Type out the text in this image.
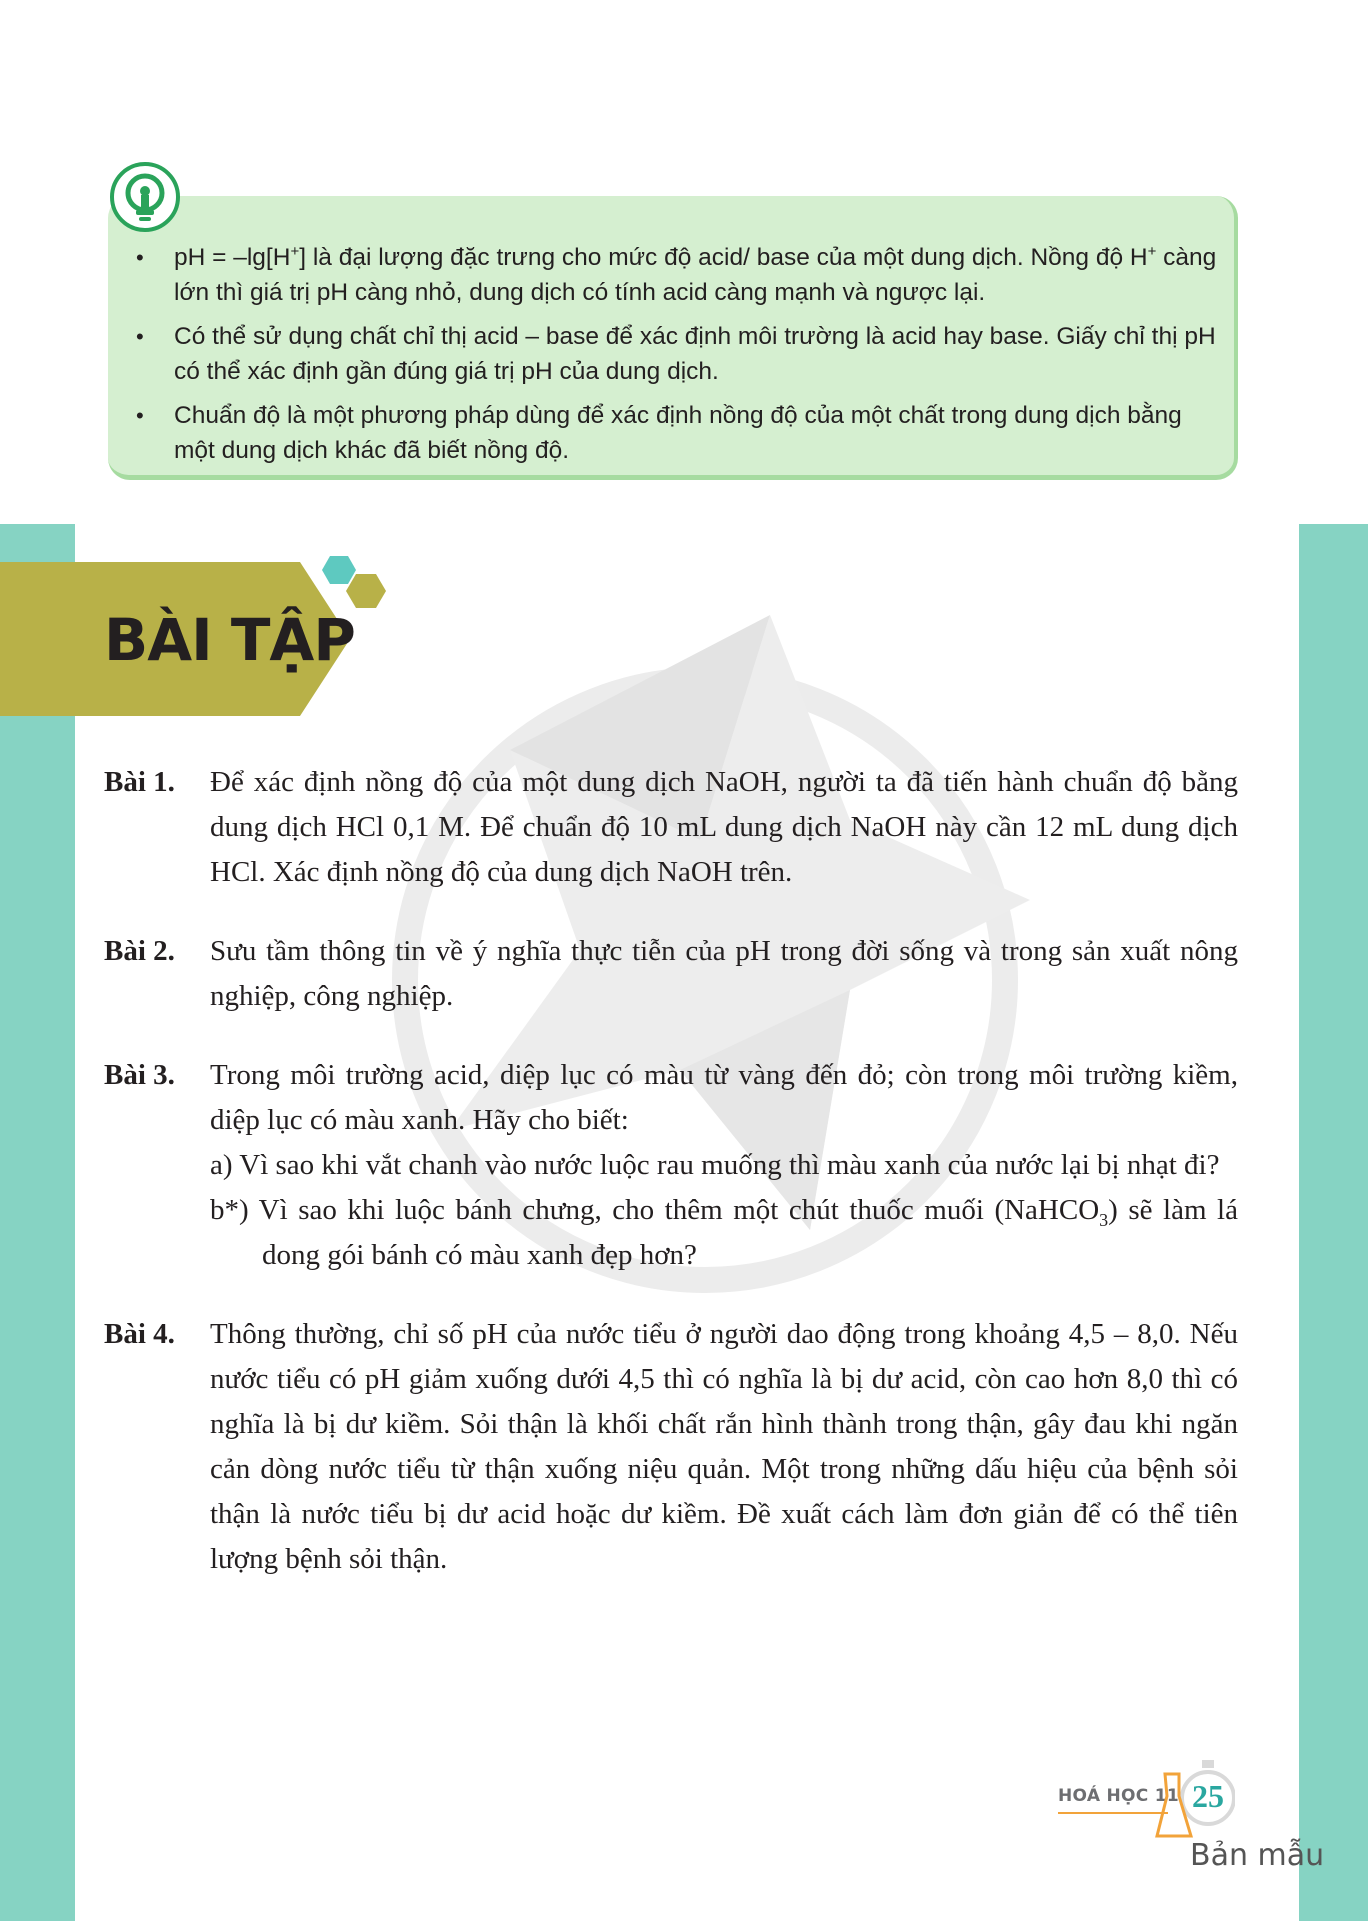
• pH = –lg[H+] là đại lượng đặc trưng cho mức độ acid/ base của một dung dịch. Nồng độ H+ càng lớn thì giá trị pH càng nhỏ, dung dịch có tính acid càng mạnh và ngược lại.
• Có thể sử dụng chất chỉ thị acid – base để xác định môi trường là acid hay base. Giấy chỉ thị pH có thể xác định gần đúng giá trị pH của dung dịch.
• Chuẩn độ là một phương pháp dùng để xác định nồng độ của một chất trong dung dịch bằng một dung dịch khác đã biết nồng độ.
BÀI TẬP
Bài 1. Để xác định nồng độ của một dung dịch NaOH, người ta đã tiến hành chuẩn độ bằng dung dịch HCl 0,1 M. Để chuẩn độ 10 mL dung dịch NaOH này cần 12 mL dung dịch HCl. Xác định nồng độ của dung dịch NaOH trên.

Bài 2. Sưu tầm thông tin về ý nghĩa thực tiễn của pH trong đời sống và trong sản xuất nông nghiệp, công nghiệp.

Bài 3. Trong môi trường acid, diệp lục có màu từ vàng đến đỏ; còn trong môi trường kiềm, diệp lục có màu xanh. Hãy cho biết:

a) Vì sao khi vắt chanh vào nước luộc rau muống thì màu xanh của nước lại bị nhạt đi?

b*) Vì sao khi luộc bánh chưng, cho thêm một chút thuốc muối (NaHCO$_3$) sẽ làm lá dong gói bánh có màu xanh đẹp hơn?

Bài 4. Thông thường, chỉ số pH của nước tiểu ở người dao động trong khoảng 4,5 – 8,0. Nếu nước tiểu có pH giảm xuống dưới 4,5 thì có nghĩa là bị dư acid, còn cao hơn 8,0 thì có nghĩa là bị dư kiềm. Sỏi thận là khối chất rắn hình thành trong thận, gây đau khi ngăn cản dòng nước tiểu từ thận xuống niệu quản. Một trong những dấu hiệu của bệnh sỏi thận là nước tiểu bị dư acid hoặc dư kiềm. Đề xuất cách làm đơn giản để có thể tiên lượng bệnh sỏi thận.

HOÁ HỌC 11 25
Bản mẫu
